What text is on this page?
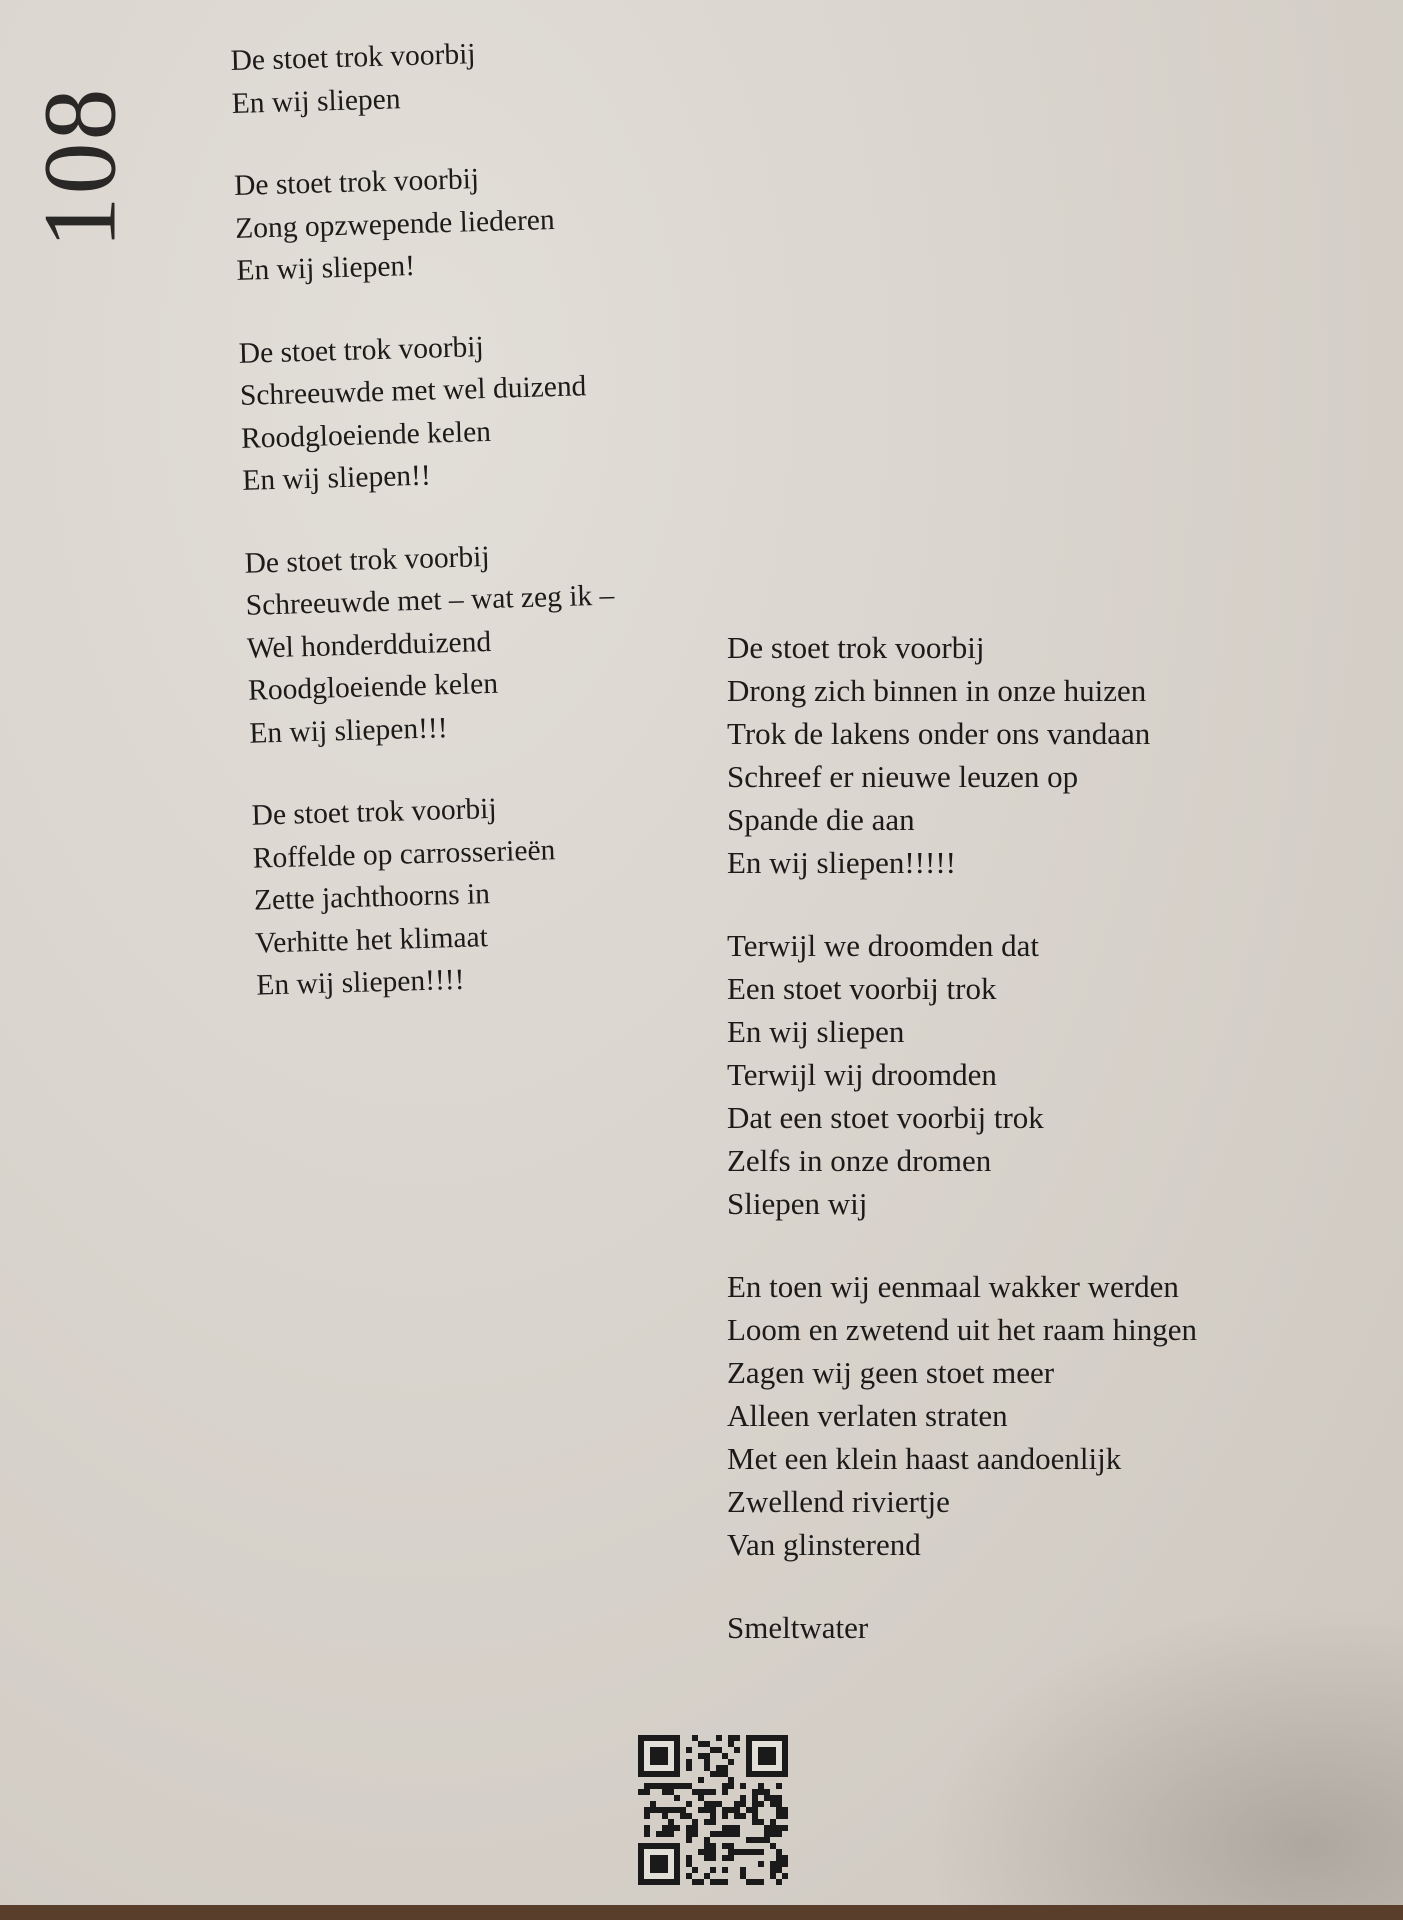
108
De stoet trok voorbij
En wij sliepen
De stoet trok voorbij
Zong opzwepende liederen
En wij sliepen!
De stoet trok voorbij
Schreeuwde met wel duizend
Roodgloeiende kelen
En wij sliepen!!
De stoet trok voorbij
Schreeuwde met – wat zeg ik –
Wel honderdduizend
Roodgloeiende kelen
En wij sliepen!!!
De stoet trok voorbij
Roffelde op carrosserieën
Zette jachthoorns in
Verhitte het klimaat
En wij sliepen!!!!
De stoet trok voorbij
Drong zich binnen in onze huizen
Trok de lakens onder ons vandaan
Schreef er nieuwe leuzen op
Spande die aan
En wij sliepen!!!!!
Terwijl we droomden dat
Een stoet voorbij trok
En wij sliepen
Terwijl wij droomden
Dat een stoet voorbij trok
Zelfs in onze dromen
Sliepen wij
En toen wij eenmaal wakker werden
Loom en zwetend uit het raam hingen
Zagen wij geen stoet meer
Alleen verlaten straten
Met een klein haast aandoenlijk
Zwellend riviertje
Van glinsterend
Smeltwater
